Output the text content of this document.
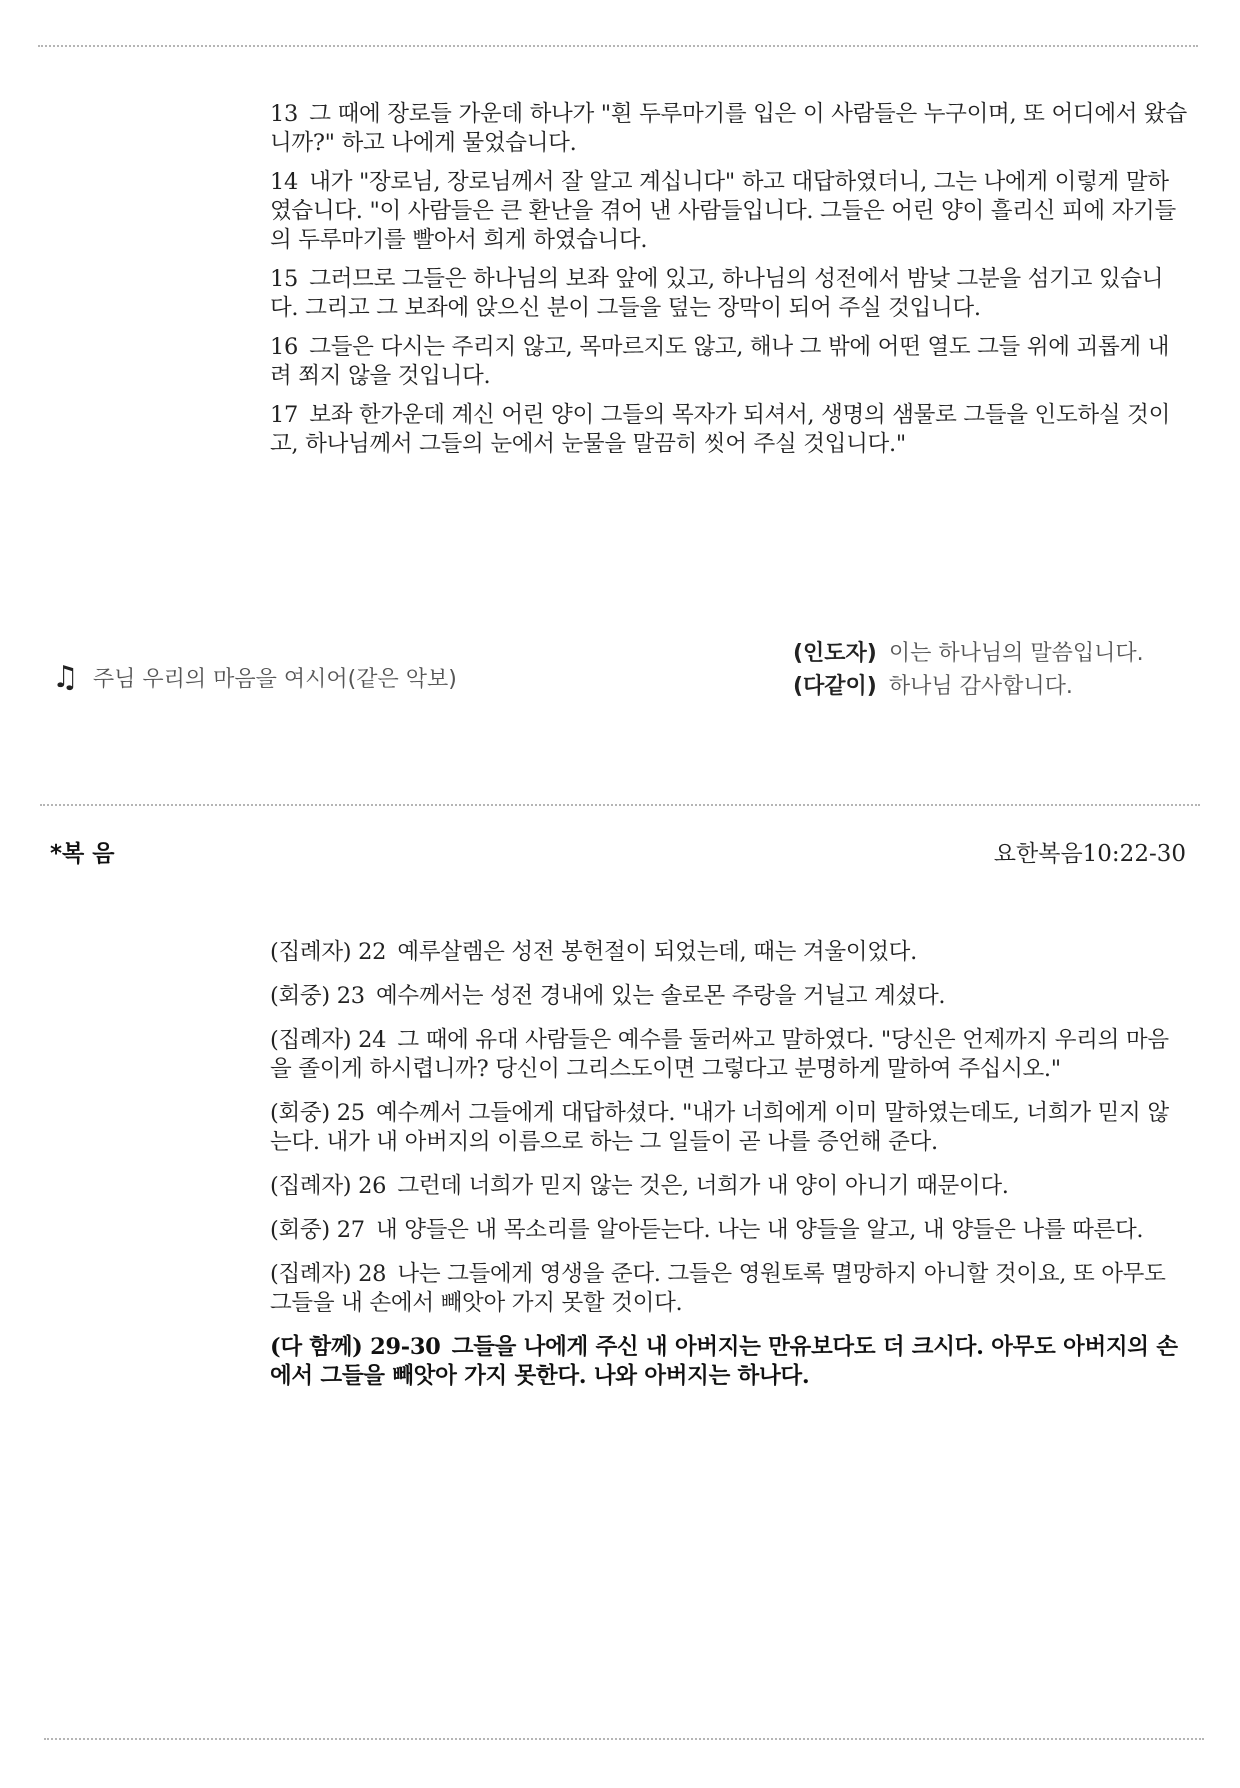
13 그 때에 장로들 가운데 하나가 "흰 두루마기를 입은 이 사람들은 누구이며, 또 어디에서 왔습니까?" 하고 나에게 물었습니다.

14 내가 "장로님, 장로님께서 잘 알고 계십니다" 하고 대답하였더니, 그는 나에게 이렇게 말하였습니다. "이 사람들은 큰 환난을 겪어 낸 사람들입니다. 그들은 어린 양이 흘리신 피에 자기들의 두루마기를 빨아서 희게 하였습니다.

15 그러므로 그들은 하나님의 보좌 앞에 있고, 하나님의 성전에서 밤낮 그분을 섬기고 있습니다. 그리고 그 보좌에 앉으신 분이 그들을 덮는 장막이 되어 주실 것입니다.

16 그들은 다시는 주리지 않고, 목마르지도 않고, 해나 그 밖에 어떤 열도 그들 위에 괴롭게 내려 쬐지 않을 것입니다.

17 보좌 한가운데 계신 어린 양이 그들의 목자가 되셔서, 생명의 샘물로 그들을 인도하실 것이고, 하나님께서 그들의 눈에서 눈물을 말끔히 씻어 주실 것입니다."

♫ 주님 우리의 마음을 여시어(같은 악보)
(인도자) 이는 하나님의 말씀입니다.
(다같이) 하나님 감사합니다.
*복 음	요한복음10:22-30

(집례자) 22 예루살렘은 성전 봉헌절이 되었는데, 때는 겨울이었다.

(회중) 23 예수께서는 성전 경내에 있는 솔로몬 주랑을 거닐고 계셨다.

(집례자) 24 그 때에 유대 사람들은 예수를 둘러싸고 말하였다. "당신은 언제까지 우리의 마음을 졸이게 하시렵니까? 당신이 그리스도이면 그렇다고 분명하게 말하여 주십시오."

(회중) 25 예수께서 그들에게 대답하셨다. "내가 너희에게 이미 말하였는데도, 너희가 믿지 않는다. 내가 내 아버지의 이름으로 하는 그 일들이 곧 나를 증언해 준다.

(집례자) 26 그런데 너희가 믿지 않는 것은, 너희가 내 양이 아니기 때문이다.

(회중) 27 내 양들은 내 목소리를 알아듣는다. 나는 내 양들을 알고, 내 양들은 나를 따른다.

(집례자) 28 나는 그들에게 영생을 준다. 그들은 영원토록 멸망하지 아니할 것이요, 또 아무도 그들을 내 손에서 빼앗아 가지 못할 것이다.

(다 함께) 29-30 그들을 나에게 주신 내 아버지는 만유보다도 더 크시다. 아무도 아버지의 손에서 그들을 빼앗아 가지 못한다. 나와 아버지는 하나다.
